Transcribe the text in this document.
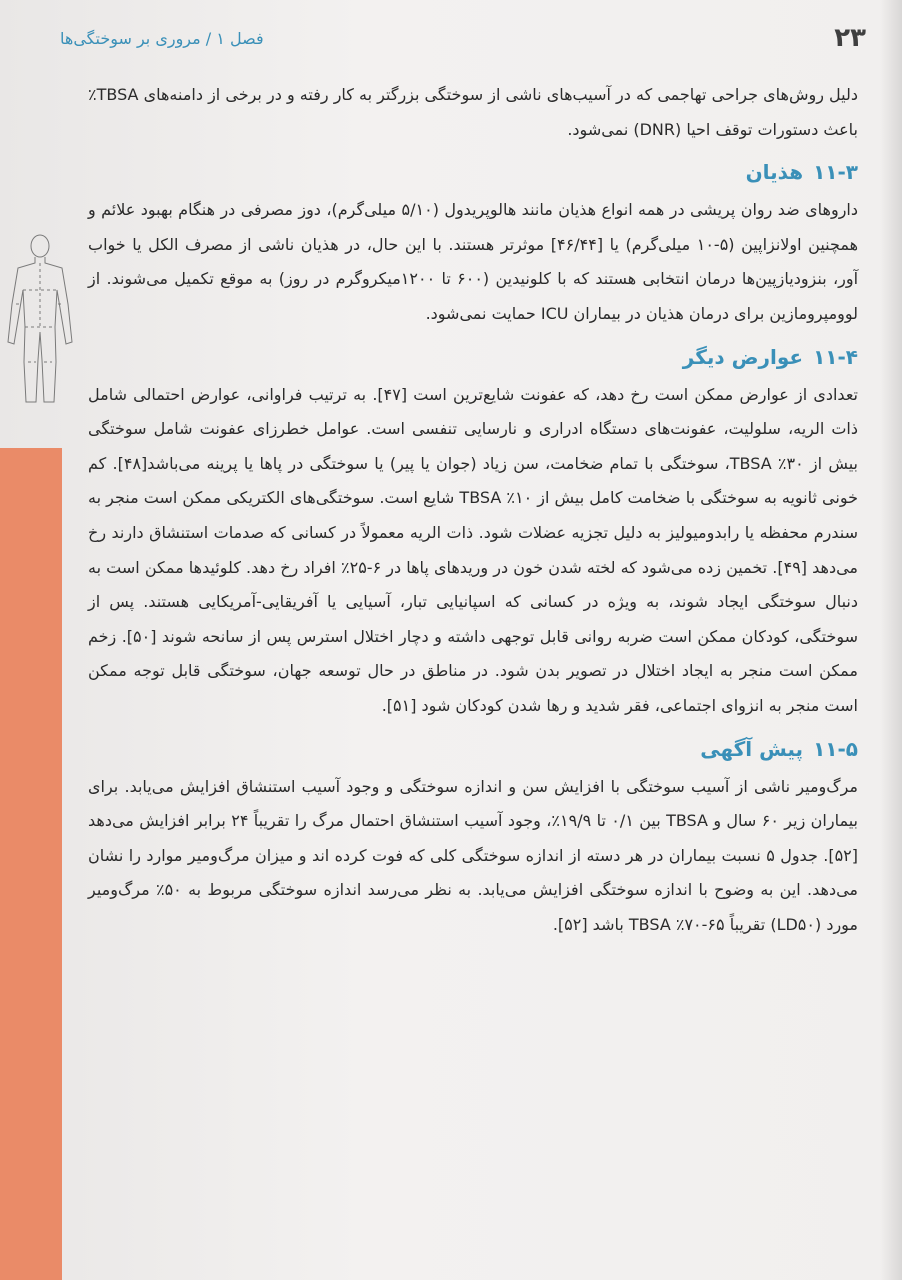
۲۳
فصل ۱ / مروری بر سوختگی‌ها

دلیل روش‌های جراحی تهاجمی که در آسیب‌های ناشی از سوختگی بزرگتر به کار رفته و در برخی از دامنه‌های TBSA٪ باعث دستورات توقف احیا (DNR) نمی‌شود.

۱۱-۳هذیان

داروهای ضد روان پریشی در همه انواع هذیان مانند هالوپریدول (۵/۱۰ میلی‌گرم)، دوز مصرفی در هنگام بهبود علائم و همچنین اولانزاپین (۵-۱۰ میلی‌گرم) یا [۴۶/۴۴] موثرتر هستند. با این حال، در هذیان ناشی از مصرف الکل یا خواب آور، بنزودیازپین‌ها درمان انتخابی هستند که با کلونیدین (۶۰۰ تا ۱۲۰۰میکروگرم در روز) به موقع تکمیل می‌شوند. از لوومپرومازین برای درمان هذیان در بیماران ICU حمایت نمی‌شود.

۱۱-۴عوارض دیگر

تعدادی از عوارض ممکن است رخ دهد، که عفونت شایع‌ترین است [۴۷]. به ترتیب فراوانی، عوارض احتمالی شامل ذات الریه، سلولیت، عفونت‌های دستگاه ادراری و نارسایی تنفسی است. عوامل خطرزای عفونت شامل سوختگی بیش از ۳۰٪ TBSA، سوختگی با تمام ضخامت، سن زیاد (جوان یا پیر) یا سوختگی در پاها یا پرینه می‌باشد[۴۸]. کم خونی ثانویه به سوختگی با ضخامت کامل بیش از ۱۰٪ TBSA شایع است. سوختگی‌های الکتریکی ممکن است منجر به سندرم محفظه یا رابدومیولیز به دلیل تجزیه عضلات شود. ذات الریه معمولاً در کسانی که صدمات استنشاق دارند رخ می‌دهد [۴۹]. تخمین زده می‌شود که لخته شدن خون در وریدهای پاها در ۶-۲۵٪ افراد رخ دهد. کلوئیدها ممکن است به دنبال سوختگی ایجاد شوند، به ویژه در کسانی که اسپانیایی تبار، آسیایی یا آفریقایی-آمریکایی هستند. پس از سوختگی، کودکان ممکن است ضربه روانی قابل توجهی داشته و دچار اختلال استرس پس از سانحه شوند [۵۰]. زخم ممکن است منجر به ایجاد اختلال در تصویر بدن شود. در مناطق در حال توسعه جهان، سوختگی قابل توجه ممکن است منجر به انزوای اجتماعی، فقر شدید و رها شدن کودکان شود [۵۱].

۱۱-۵پیش آگهی

مرگ‌ومیر ناشی از آسیب سوختگی با افزایش سن و اندازه سوختگی و وجود آسیب استنشاق افزایش می‌یابد. برای بیماران زیر ۶۰ سال و TBSA بین ۰/۱ تا ۱۹/۹٪، وجود آسیب استنشاق احتمال مرگ را تقریباً ۲۴ برابر افزایش می‌دهد [۵۲]. جدول ۵ نسبت بیماران در هر دسته از اندازه سوختگی کلی که فوت کرده اند و میزان مرگ‌ومیر موارد را نشان می‌دهد. این به وضوح با اندازه سوختگی افزایش می‌یابد. به نظر می‌رسد اندازه سوختگی مربوط به ۵۰٪ مرگ‌ومیر مورد (LD۵۰) تقریباً ۶۵-۷۰٪ TBSA باشد [۵۲].
